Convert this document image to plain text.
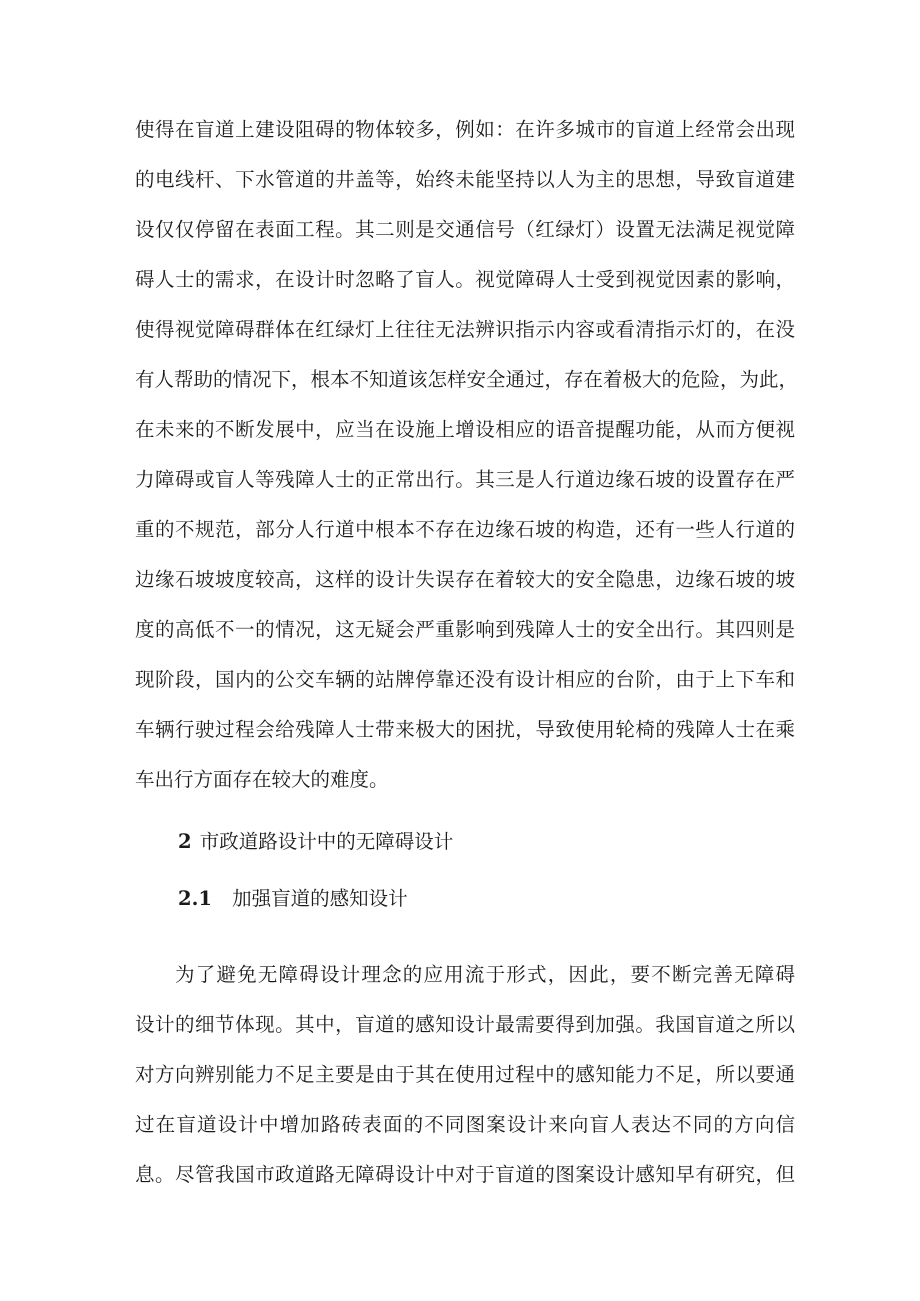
使得在盲道上建设阻碍的物体较多，例如：在许多城市的盲道上经常会出现
的电线杆、下水管道的井盖等，始终未能坚持以人为主的思想，导致盲道建
设仅仅停留在表面工程。其二则是交通信号（红绿灯）设置无法满足视觉障
碍人士的需求，在设计时忽略了盲人。视觉障碍人士受到视觉因素的影响，
使得视觉障碍群体在红绿灯上往往无法辨识指示内容或看清指示灯的，在没
有人帮助的情况下，根本不知道该怎样安全通过，存在着极大的危险，为此，
在未来的不断发展中，应当在设施上增设相应的语音提醒功能，从而方便视
力障碍或盲人等残障人士的正常出行。其三是人行道边缘石坡的设置存在严
重的不规范，部分人行道中根本不存在边缘石坡的构造，还有一些人行道的
边缘石坡坡度较高，这样的设计失误存在着较大的安全隐患，边缘石坡的坡
度的高低不一的情况，这无疑会严重影响到残障人士的安全出行。其四则是
现阶段，国内的公交车辆的站牌停靠还没有设计相应的台阶，由于上下车和
车辆行驶过程会给残障人士带来极大的困扰，导致使用轮椅的残障人士在乘
车出行方面存在较大的难度。
2 市政道路设计中的无障碍设计
2.1 加强盲道的感知设计
为了避免无障碍设计理念的应用流于形式，因此，要不断完善无障碍
设计的细节体现。其中，盲道的感知设计最需要得到加强。我国盲道之所以
对方向辨别能力不足主要是由于其在使用过程中的感知能力不足，所以要通
过在盲道设计中增加路砖表面的不同图案设计来向盲人表达不同的方向信
息。尽管我国市政道路无障碍设计中对于盲道的图案设计感知早有研究，但
